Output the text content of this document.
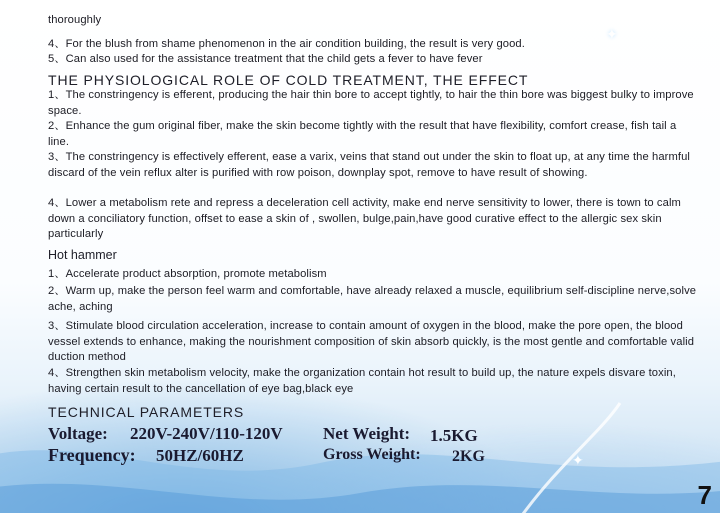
✦
✦
thoroughly
4、For the blush from shame phenomenon in the air condition building, the result is very good.
5、Can also used for the assistance treatment that the child gets a fever to have fever
THE PHYSIOLOGICAL ROLE OF COLD TREATMENT, THE EFFECT
1、The constringency is efferent, producing the hair thin bore to accept tightly, to hair the thin bore was biggest bulky to improve space.
2、Enhance the gum original fiber, make the skin become tightly with the result that have flexibility, comfort crease, fish tail a line.
3、The constringency is effectively efferent, ease a varix, veins that stand out under the skin to float up, at any time the harmful discard of the vein reflux alter is purified with row poison, downplay spot, remove to have result of showing.
4、Lower a metabolism rete and repress a deceleration cell activity, make end nerve sensitivity to lower, there is town to calm down a conciliatory function, offset to ease a skin of , swollen, bulge,pain,have good curative effect to the allergic sex skin particularly
Hot hammer
1、Accelerate product absorption, promote metabolism
2、Warm up, make the person feel warm and comfortable, have already relaxed a muscle, equilibrium self-discipline nerve,solve ache, aching
3、Stimulate blood circulation acceleration, increase to contain amount of oxygen in the blood, make the pore open, the blood vessel extends to enhance, making the nourishment composition of skin absorb quickly, is the most gentle and comfortable valid duction method
4、Strengthen skin metabolism velocity, make the organization contain hot result to build up, the nature expels disvare toxin, having certain result to the cancellation of eye bag,black eye
TECHNICAL PARAMETERS
Voltage: 220V-240V/110-120V Net Weight: 1.5KG
Frequency: 50HZ/60HZ	Gross Weight: 2KG
7
